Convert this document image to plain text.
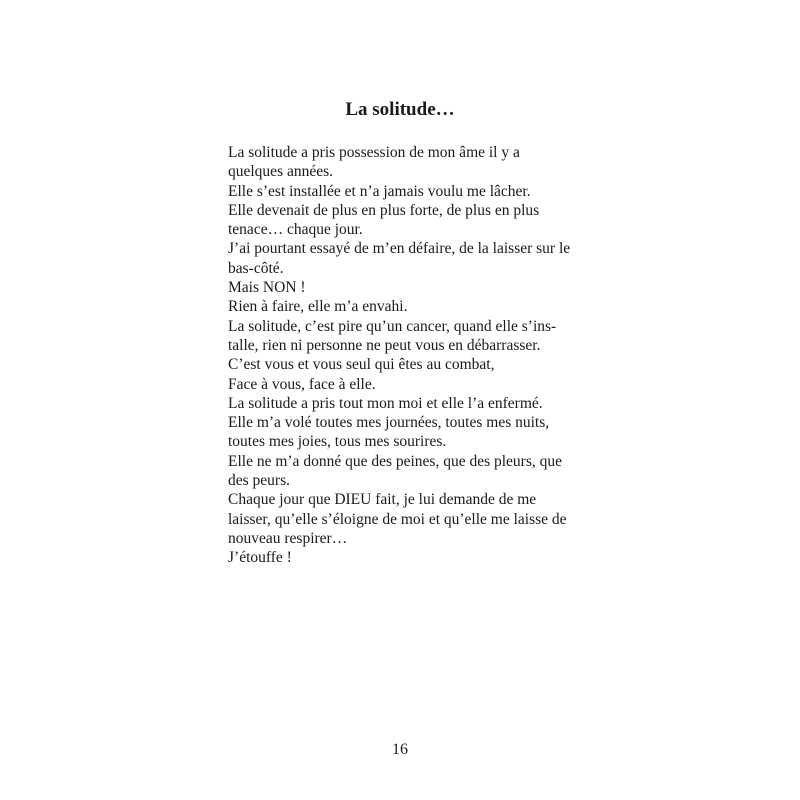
La solitude…
La solitude a pris possession de mon âme il y a
quelques années.
Elle s’est installée et n’a jamais voulu me lâcher.
Elle devenait de plus en plus forte, de plus en plus
tenace… chaque jour.
J’ai pourtant essayé de m’en défaire, de la laisser sur le
bas-côté.
Mais NON !
Rien à faire, elle m’a envahi.
La solitude, c’est pire qu’un cancer, quand elle s’ins-
talle, rien ni personne ne peut vous en débarrasser.
C’est vous et vous seul qui êtes au combat,
Face à vous, face à elle.
La solitude a pris tout mon moi et elle l’a enfermé.
Elle m’a volé toutes mes journées, toutes mes nuits,
toutes mes joies, tous mes sourires.
Elle ne m’a donné que des peines, que des pleurs, que
des peurs.
Chaque jour que DIEU fait, je lui demande de me
laisser, qu’elle s’éloigne de moi et qu’elle me laisse de
nouveau respirer…
J’étouffe !
16
